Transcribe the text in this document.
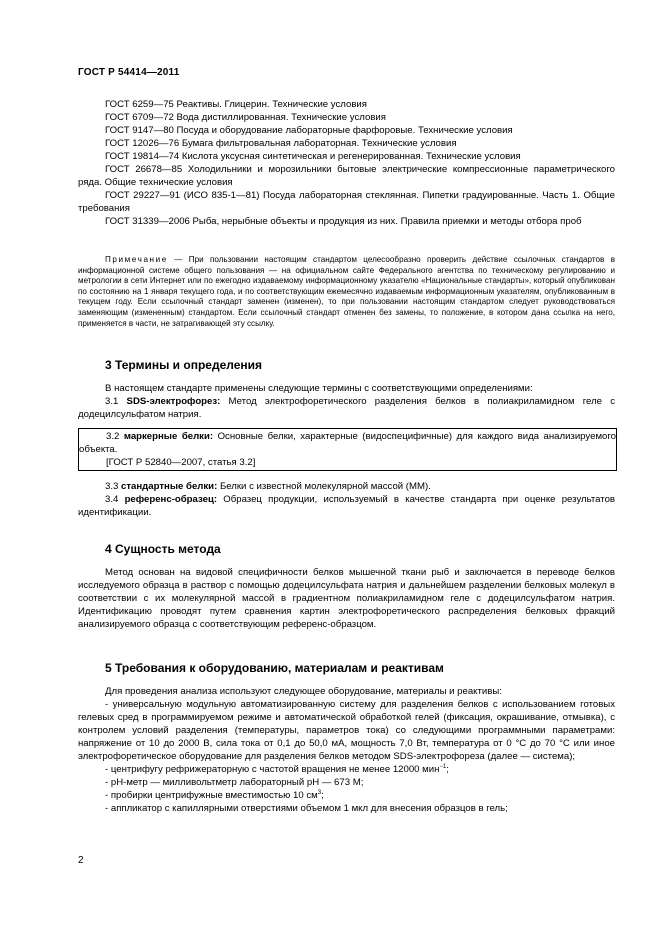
ГОСТ Р 54414—2011

ГОСТ 6259—75 Реактивы. Глицерин. Технические условия

ГОСТ 6709—72 Вода дистиллированная. Технические условия

ГОСТ 9147—80 Посуда и оборудование лабораторные фарфоровые. Технические условия

ГОСТ 12026—76 Бумага фильтровальная лабораторная. Технические условия

ГОСТ 19814—74 Кислота уксусная синтетическая и регенерированная. Технические условия

ГОСТ 26678—85 Холодильники и морозильники бытовые электрические компрессионные параметрического ряда. Общие технические условия

ГОСТ 29227—91 (ИСО 835-1—81) Посуда лабораторная стеклянная. Пипетки градуированные. Часть 1. Общие требования

ГОСТ 31339—2006 Рыба, нерыбные объекты и продукция из них. Правила приемки и методы отбора проб

Примечание — При пользовании настоящим стандартом целесообразно проверить действие ссылочных стандартов в информационной системе общего пользования — на официальном сайте Федерального агентства по техническому регулированию и метрологии в сети Интернет или по ежегодно издаваемому информационному указателю «Национальные стандарты», который опубликован по состоянию на 1 января текущего года, и по соответствующим ежемесячно издаваемым информационным указателям, опубликованным в текущем году. Если ссылочный стандарт заменен (изменен), то при пользовании настоящим стандартом следует руководствоваться заменяющим (измененным) стандартом. Если ссылочный стандарт отменен без замены, то положение, в котором дана ссылка на него, применяется в части, не затрагивающей эту ссылку.

3 Термины и определения

В настоящем стандарте применены следующие термины с соответствующими определениями:

3.1 SDS-электрофорез: Метод электрофоретического разделения белков в полиакриламидном геле с додецилсульфатом натрия.

3.2 маркерные белки: Основные белки, характерные (видоспецифичные) для каждого вида анализируемого объекта.

[ГОСТ Р 52840—2007, статья 3.2]

3.3 стандартные белки: Белки с известной молекулярной массой (ММ).

3.4 референс-образец: Образец продукции, используемый в качестве стандарта при оценке результатов идентификации.

4 Сущность метода

Метод основан на видовой специфичности белков мышечной ткани рыб и заключается в переводе белков исследуемого образца в раствор с помощью додецилсульфата натрия и дальнейшем разделении белковых молекул в соответствии с их молекулярной массой в градиентном полиакриламидном геле с додецилсульфатом натрия. Идентификацию проводят путем сравнения картин электрофоретического распределения белковых фракций анализируемого образца с соответствующим референс-образцом.

5 Требования к оборудованию, материалам и реактивам

Для проведения анализа используют следующее оборудование, материалы и реактивы:

- универсальную модульную автоматизированную систему для разделения белков с использованием готовых гелевых сред в программируемом режиме и автоматической обработкой гелей (фиксация, окрашивание, отмывка), с контролем условий разделения (температуры, параметров тока) со следующими программными параметрами: напряжение от 10 до 2000 В, сила тока от 0,1 до 50,0 мА, мощность 7,0 Вт, температура от 0 °С до 70 °С или иное электрофоретическое оборудование для разделения белков методом SDS-электрофореза (далее — система);

- центрифугу рефрижераторную с частотой вращения не менее 12000 мин$^{-1}$;

- pH-метр — милливольтметр лабораторный pH — 673 М;

- пробирки центрифужные вместимостью 10 $см^3$;

- аппликатор с капиллярными отверстиями объемом 1 мкл для внесения образцов в гель;

2
